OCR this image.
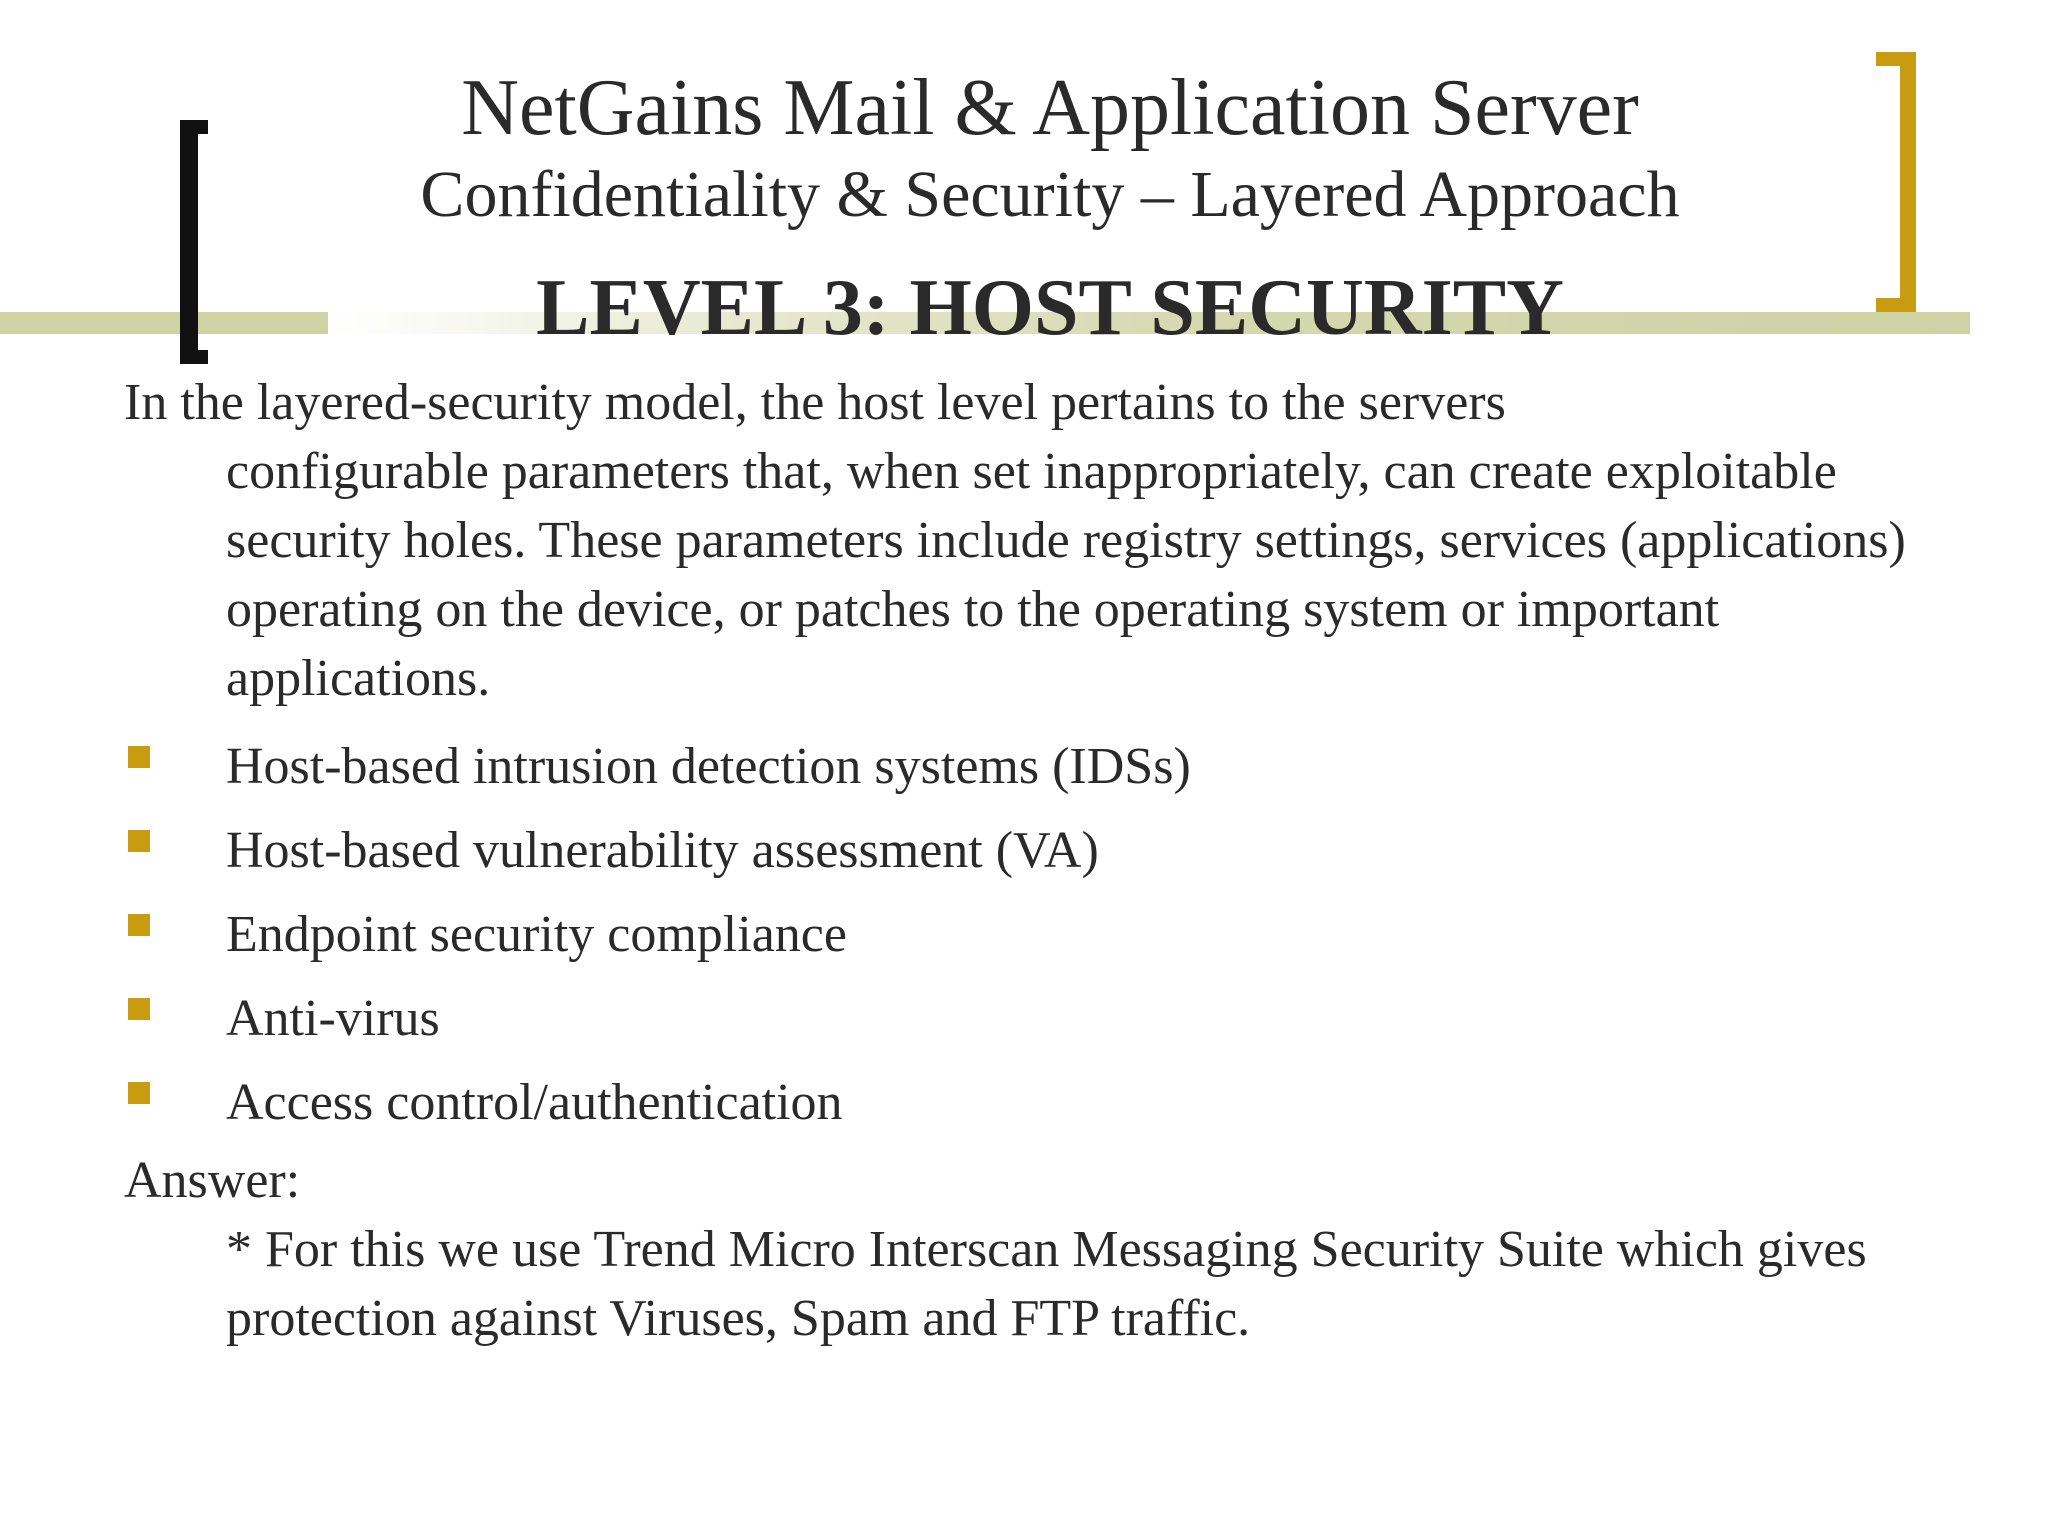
NetGains Mail & Application Server
Confidentiality & Security – Layered Approach
LEVEL 3: HOST SECURITY
In the layered-security model, the host level pertains to the servers
configurable parameters that, when set inappropriately, can create exploitable security holes. These parameters include registry settings, services (applications) operating on the device, or patches to the operating system or important applications.
Host-based intrusion detection systems (IDSs)
Host-based vulnerability assessment (VA)
Endpoint security compliance
Anti-virus
Access control/authentication
Answer:
* For this we use Trend Micro Interscan Messaging Security Suite which gives protection against Viruses, Spam and FTP traffic.
